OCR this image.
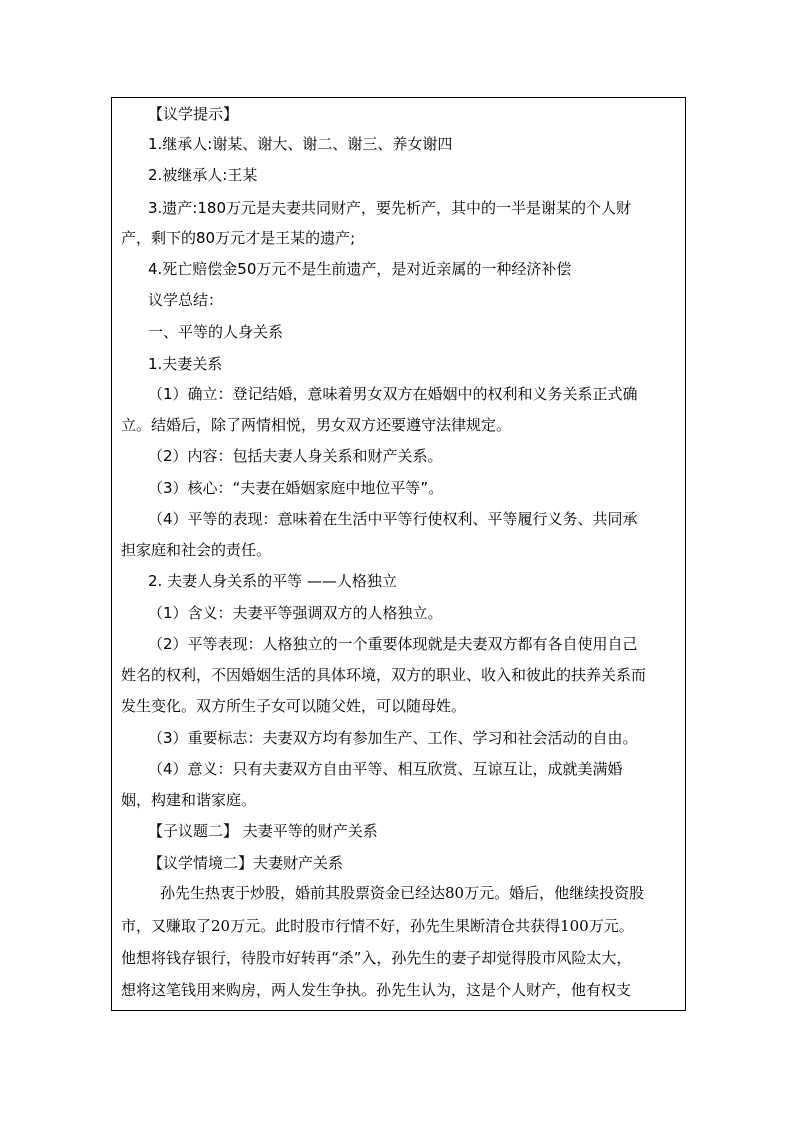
【议学提示】
1.继承人:谢某、谢大、谢二、谢三、养女谢四
2.被继承人:王某
3.遗产:180万元是夫妻共同财产，要先析产，其中的一半是谢某的个人财
产，剩下的80万元才是王某的遗产;
4.死亡赔偿金50万元不是生前遗产，是对近亲属的一种经济补偿
议学总结：
一、平等的人身关系
1.夫妻关系
（1）确立：登记结婚，意味着男女双方在婚姻中的权利和义务关系正式确
立。结婚后，除了两情相悦，男女双方还要遵守法律规定。
（2）内容：包括夫妻人身关系和财产关系。
（3）核心：“夫妻在婚姻家庭中地位平等”。
（4）平等的表现：意味着在生活中平等行使权利、平等履行义务、共同承
担家庭和社会的责任。
2. 夫妻人身关系的平等 ——人格独立
（1）含义：夫妻平等强调双方的人格独立。
（2）平等表现：人格独立的一个重要体现就是夫妻双方都有各自使用自己
姓名的权利，不因婚姻生活的具体环境，双方的职业、收入和彼此的扶养关系而
发生变化。双方所生子女可以随父姓，可以随母姓。
（3）重要标志：夫妻双方均有参加生产、工作、学习和社会活动的自由。
（4）意义：只有夫妻双方自由平等、相互欣赏、互谅互让，成就美满婚
姻，构建和谐家庭。
【子议题二】 夫妻平等的财产关系
【议学情境二】夫妻财产关系
孙先生热衷于炒股，婚前其股票资金已经达80万元。婚后，他继续投资股
市，又赚取了20万元。此时股市行情不好，孙先生果断清仓共获得100万元。
他想将钱存银行，待股市好转再“杀”入，孙先生的妻子却觉得股市风险太大，
想将这笔钱用来购房，两人发生争执。孙先生认为，这是个人财产，他有权支
